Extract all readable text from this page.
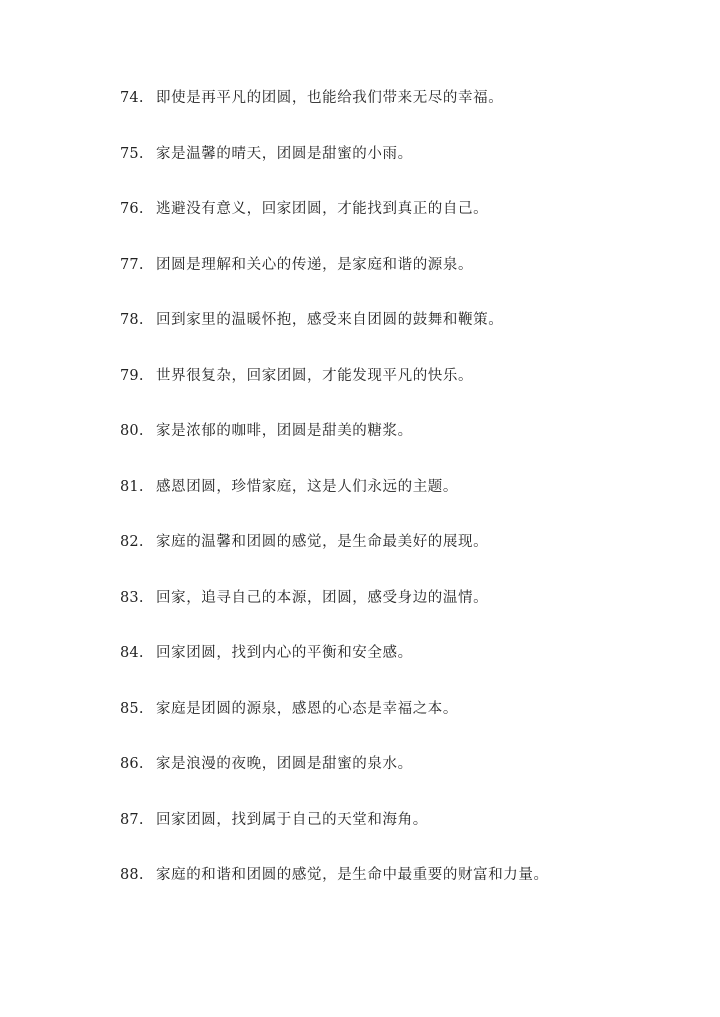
74. 即使是再平凡的团圆，也能给我们带来无尽的幸福。
75. 家是温馨的晴天，团圆是甜蜜的小雨。
76. 逃避没有意义，回家团圆，才能找到真正的自己。
77. 团圆是理解和关心的传递，是家庭和谐的源泉。
78. 回到家里的温暖怀抱，感受来自团圆的鼓舞和鞭策。
79. 世界很复杂，回家团圆，才能发现平凡的快乐。
80. 家是浓郁的咖啡，团圆是甜美的糖浆。
81. 感恩团圆，珍惜家庭，这是人们永远的主题。
82. 家庭的温馨和团圆的感觉，是生命最美好的展现。
83. 回家，追寻自己的本源，团圆，感受身边的温情。
84. 回家团圆，找到内心的平衡和安全感。
85. 家庭是团圆的源泉，感恩的心态是幸福之本。
86. 家是浪漫的夜晚，团圆是甜蜜的泉水。
87. 回家团圆，找到属于自己的天堂和海角。
88. 家庭的和谐和团圆的感觉，是生命中最重要的财富和力量。
